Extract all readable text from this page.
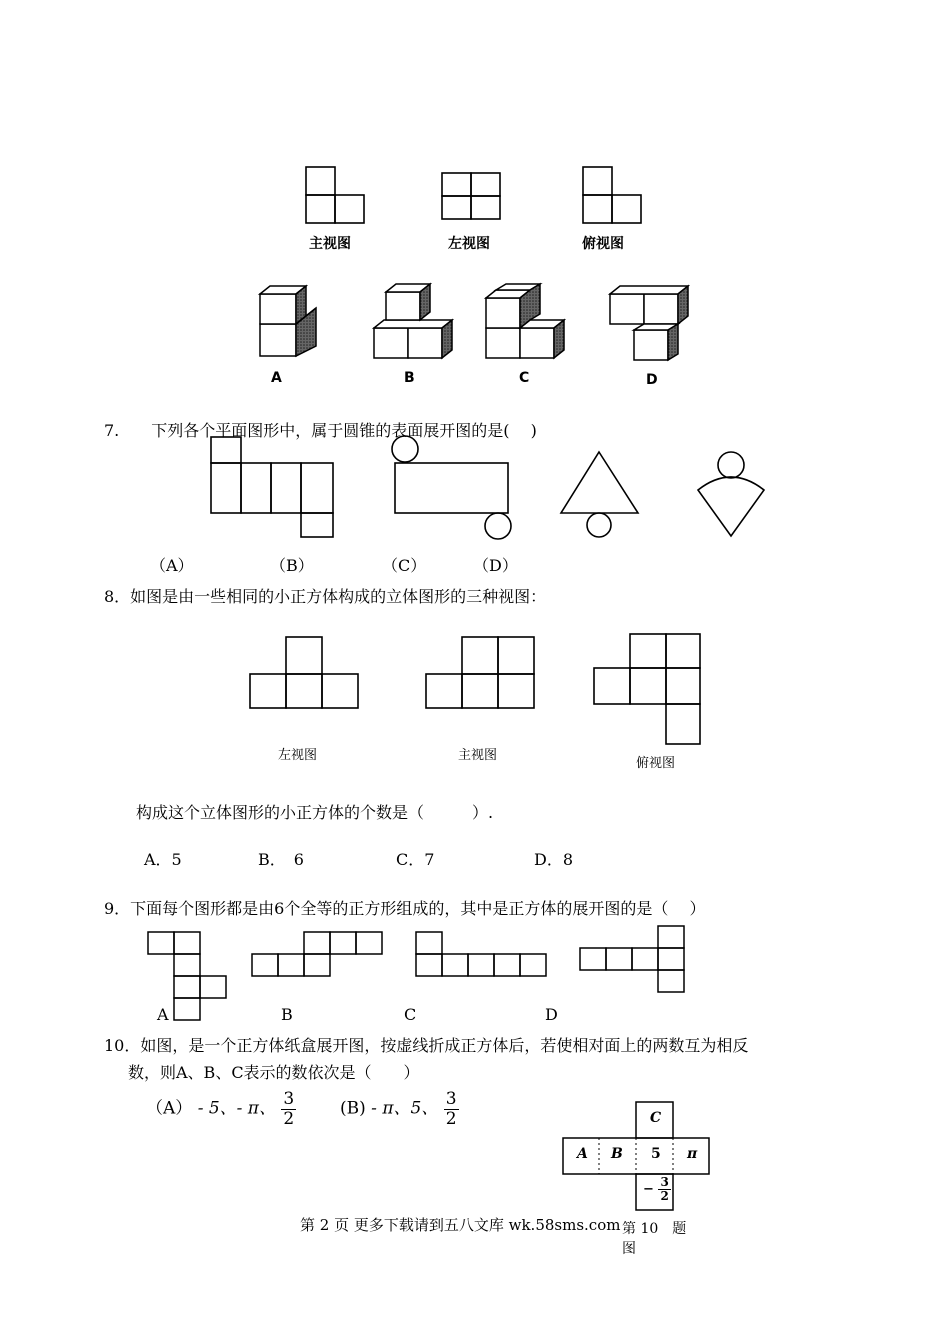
主视图	左视图	俯视图
A	B	C	D
7.　　下列各个平面图形中，属于圆锥的表面展开图的是(　 )
（A）	（B）	（C）	（D）
8．如图是由一些相同的小正方体构成的立体图形的三种视图：
左视图	主视图
俯视图
构成这个立体图形的小正方体的个数是（　　　）.
A．5	B．　6	C．7	D．8
9．下面每个图形都是由6个全等的正方形组成的，其中是正方体的展开图的是（　 ）
A	B	C	D
10．如图，是一个正方体纸盒展开图，按虚线折成正方体后，若使相对面上的两数互为相反
数，则A、B、C表示的数依次是（　　）
（A） - 5、- π、 $\frac{3}{2}$	(B) - π、5、 $\frac{3}{2}$	C
A B 5 π
− $\frac{3}{2}$
第 10　题
图
第 2 页 更多下载请到五八文库 wk.58sms.com
